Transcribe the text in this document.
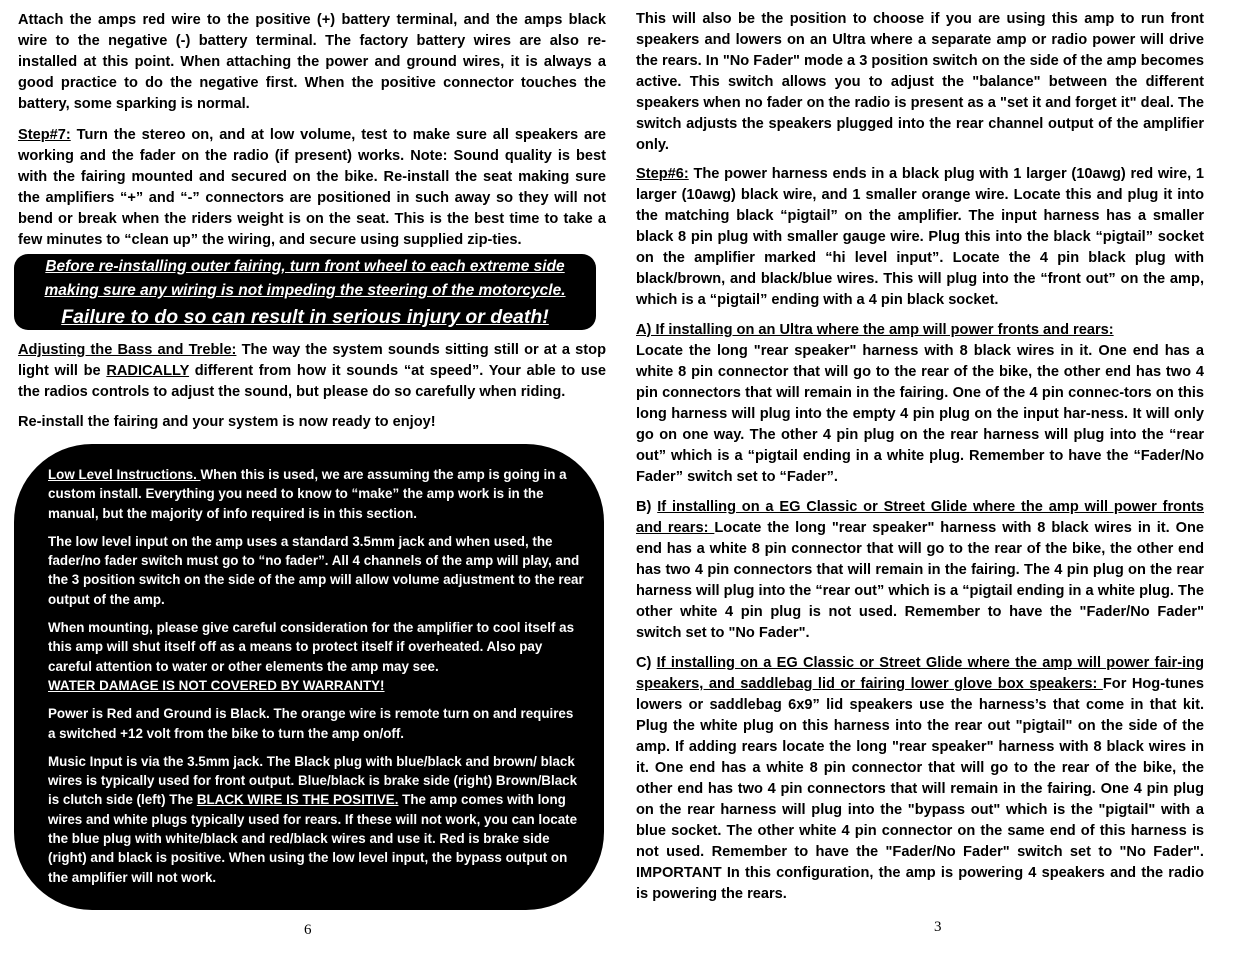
Attach the amps red wire to the positive (+) battery terminal, and the amps black wire to the negative (-) battery terminal. The factory battery wires are also re-installed at this point. When attaching the power and ground wires, it is always a good practice to do the negative first. When the positive connector touches the battery, some sparking is normal.

Step#7: Turn the stereo on, and at low volume, test to make sure all speakers are working and the fader on the radio (if present) works. Note: Sound quality is best with the fairing mounted and secured on the bike. Re-install the seat making sure the amplifiers “+” and “-” connectors are positioned in such away so they will not bend or break when the riders weight is on the seat. This is the best time to take a few minutes to “clean up” the wiring, and secure using supplied zip-ties.

Before re-installing outer fairing, turn front wheel to each extreme side
making sure any wiring is not impeding the steering of the motorcycle.
Failure to do so can result in serious injury or death!

Adjusting the Bass and Treble: The way the system sounds sitting still or at a stop light will be RADICALLY different from how it sounds “at speed”. Your able to use the radios controls to adjust the sound, but please do so carefully when riding.

Re-install the fairing and your system is now ready to enjoy!

Low Level Instructions. When this is used, we are assuming the amp is going in a custom install. Everything you need to know to “make” the amp work is in the manual, but the majority of info required is in this section.

The low level input on the amp uses a standard 3.5mm jack and when used, the fader/no fader switch must go to “no fader”. All 4 channels of the amp will play, and the 3 position switch on the side of the amp will allow volume adjustment to the rear output of the amp.

When mounting, please give careful consideration for the amplifier to cool itself as this amp will shut itself off as a means to protect itself if overheated. Also pay careful attention to water or other elements the amp may see.
WATER DAMAGE IS NOT COVERED BY WARRANTY!

Power is Red and Ground is Black. The orange wire is remote turn on and requires a switched +12 volt from the bike to turn the amp on/off.

Music Input is via the 3.5mm jack. The Black plug with blue/black and brown/ black wires is typically used for front output. Blue/black is brake side (right) Brown/Black is clutch side (left) The BLACK WIRE IS THE POSITIVE. The amp comes with long wires and white plugs typically used for rears. If these will not work, you can locate the blue plug with white/black and red/black wires and use it. Red is brake side (right) and black is positive. When using the low level input, the bypass output on the amplifier will not work.

6

This will also be the position to choose if you are using this amp to run front speakers and lowers on an Ultra where a separate amp or radio power will drive the rears. In "No Fader" mode a 3 position switch on the side of the amp becomes active. This switch allows you to adjust the "balance" between the different speakers when no fader on the radio is present as a "set it and forget it" deal. The switch adjusts the speakers plugged into the rear channel output of the amplifier only.

Step#6: The power harness ends in a black plug with 1 larger (10awg) red wire, 1 larger (10awg) black wire, and 1 smaller orange wire. Locate this and plug it into the matching black “pigtail” on the amplifier. The input harness has a smaller black 8 pin plug with smaller gauge wire. Plug this into the black “pigtail” socket on the amplifier marked “hi level input”. Locate the 4 pin black plug with black/brown, and black/blue wires. This will plug into the “front out” on the amp, which is a “pigtail” ending with a 4 pin black socket.

A) If installing on an Ultra where the amp will power fronts and rears:
Locate the long "rear speaker" harness with 8 black wires in it. One end has a white 8 pin connector that will go to the rear of the bike, the other end has two 4 pin connectors that will remain in the fairing. One of the 4 pin connec-tors on this long harness will plug into the empty 4 pin plug on the input har-ness. It will only go on one way. The other 4 pin plug on the rear harness will plug into the “rear out” which is a “pigtail ending in a white plug. Remember to have the “Fader/No Fader” switch set to “Fader”.

B) If installing on a EG Classic or Street Glide where the amp will power fronts and rears: Locate the long "rear speaker" harness with 8 black wires in it. One end has a white 8 pin connector that will go to the rear of the bike, the other end has two 4 pin connectors that will remain in the fairing. The 4 pin plug on the rear harness will plug into the “rear out” which is a “pigtail ending in a white plug. The other white 4 pin plug is not used. Remember to have the "Fader/No Fader" switch set to "No Fader".

C) If installing on a EG Classic or Street Glide where the amp will power fair-ing speakers, and saddlebag lid or fairing lower glove box speakers: For Hog-tunes lowers or saddlebag 6x9” lid speakers use the harness’s that come in that kit. Plug the white plug on this harness into the rear out "pigtail" on the side of the amp. If adding rears locate the long "rear speaker" harness with 8 black wires in it. One end has a white 8 pin connector that will go to the rear of the bike, the other end has two 4 pin connectors that will remain in the fairing. One 4 pin plug on the rear harness will plug into the "bypass out" which is the "pigtail" with a blue socket. The other white 4 pin connector on the same end of this harness is not used. Remember to have the "Fader/No Fader" switch set to "No Fader". IMPORTANT In this configuration, the amp is powering 4 speakers and the radio is powering the rears.

3
